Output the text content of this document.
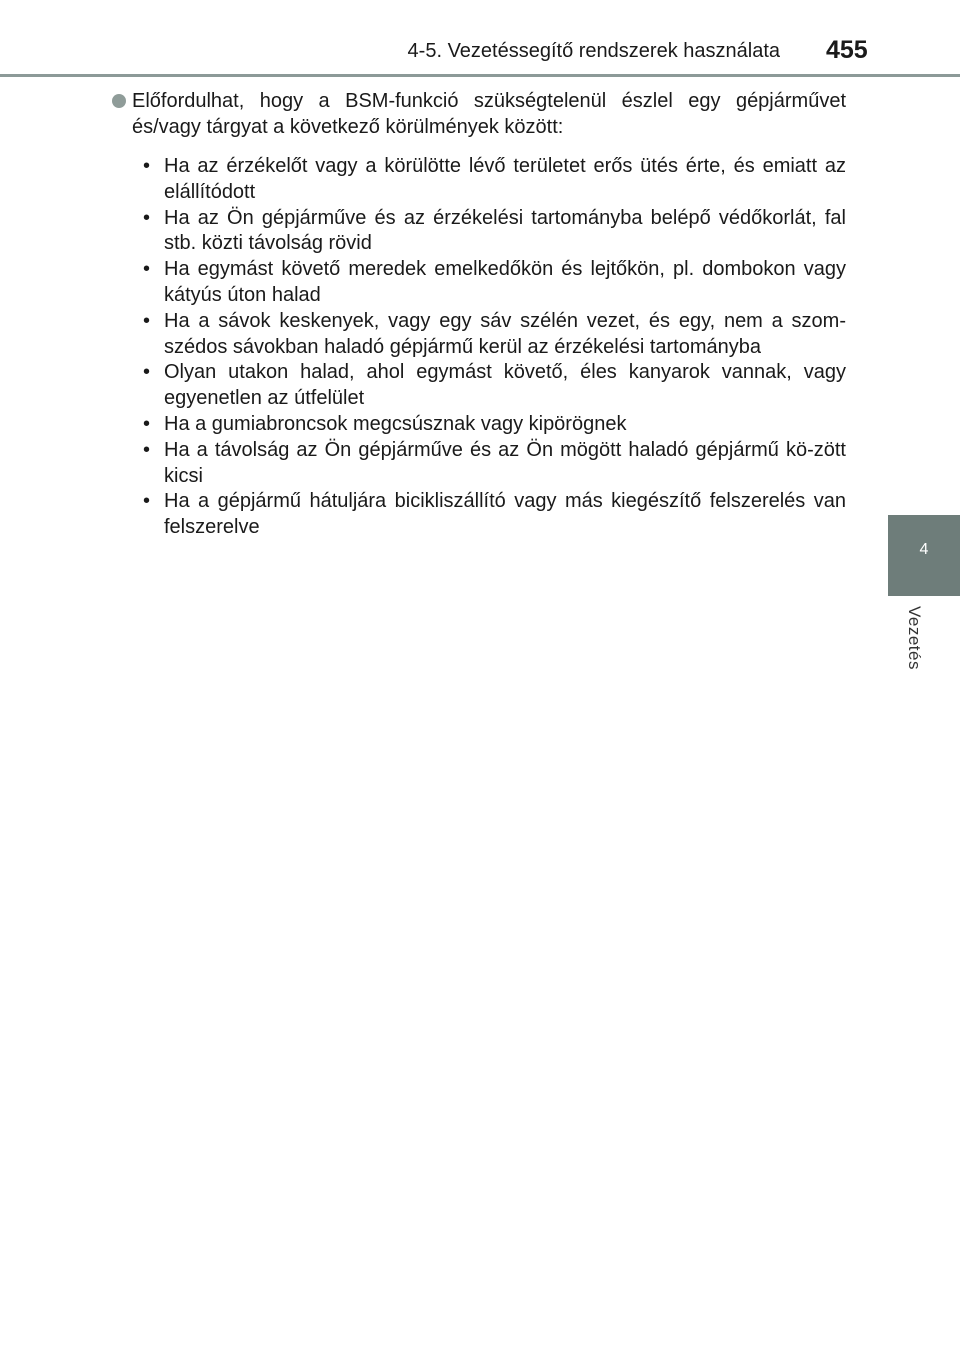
4-5. Vezetéssegítő rendszerek használata 455
4
Vezetés
Előfordulhat, hogy a BSM-funkció szükségtelenül észlel egy gépjárművet és/vagy tárgyat a következő körülmények között:
• Ha az érzékelőt vagy a körülötte lévő területet erős ütés érte, és emiatt az elállítódott
• Ha az Ön gépjárműve és az érzékelési tartományba belépő védőkorlát, fal stb. közti távolság rövid
• Ha egymást követő meredek emelkedőkön és lejtőkön, pl. dombokon vagy kátyús úton halad
• Ha a sávok keskenyek, vagy egy sáv szélén vezet, és egy, nem a szom-szédos sávokban haladó gépjármű kerül az érzékelési tartományba
• Olyan utakon halad, ahol egymást követő, éles kanyarok vannak, vagy egyenetlen az útfelület
• Ha a gumiabroncsok megcsúsznak vagy kipörögnek
• Ha a távolság az Ön gépjárműve és az Ön mögött haladó gépjármű kö-zött kicsi
• Ha a gépjármű hátuljára bicikliszállító vagy más kiegészítő felszerelés van felszerelve
